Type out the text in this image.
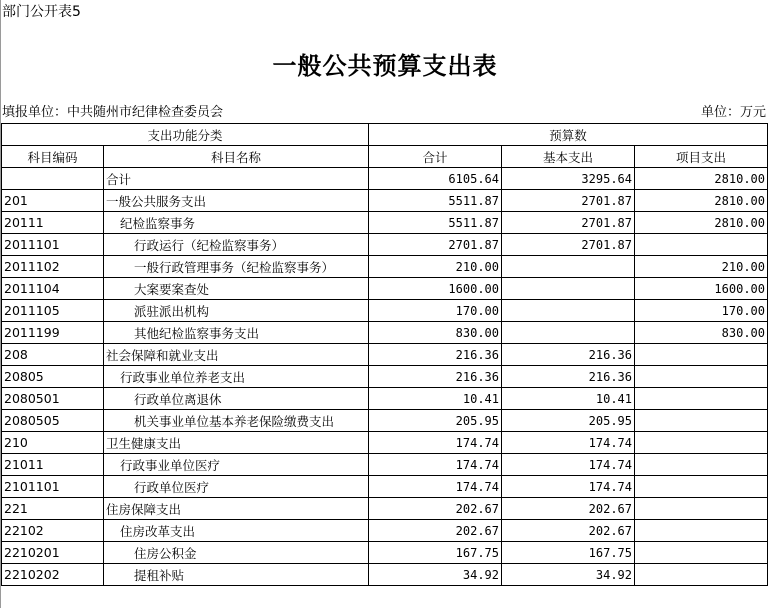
部门公开表5
一般公共预算支出表
填报单位：中共随州市纪律检查委员会	单位：万元
支出功能分类		预算数		
科目编码	科目名称	合计	基本支出	项目支出
	合计	6105.64	3295.64	2810.00
201	一般公共服务支出	5511.87	2701.87	2810.00
20111	纪检监察事务	5511.87	2701.87	2810.00
2011101	行政运行（纪检监察事务）	2701.87	2701.87	
2011102	一般行政管理事务（纪检监察事务）	210.00		210.00
2011104	大案要案查处	1600.00		1600.00
2011105	派驻派出机构	170.00		170.00
2011199	其他纪检监察事务支出	830.00		830.00
208	社会保障和就业支出	216.36	216.36	
20805	行政事业单位养老支出	216.36	216.36	
2080501	行政单位离退休	10.41	10.41	
2080505	机关事业单位基本养老保险缴费支出	205.95	205.95	
210	卫生健康支出	174.74	174.74	
21011	行政事业单位医疗	174.74	174.74	
2101101	行政单位医疗	174.74	174.74	
221	住房保障支出	202.67	202.67	
22102	住房改革支出	202.67	202.67	
2210201	住房公积金	167.75	167.75	
2210202	提租补贴	34.92	34.92	
